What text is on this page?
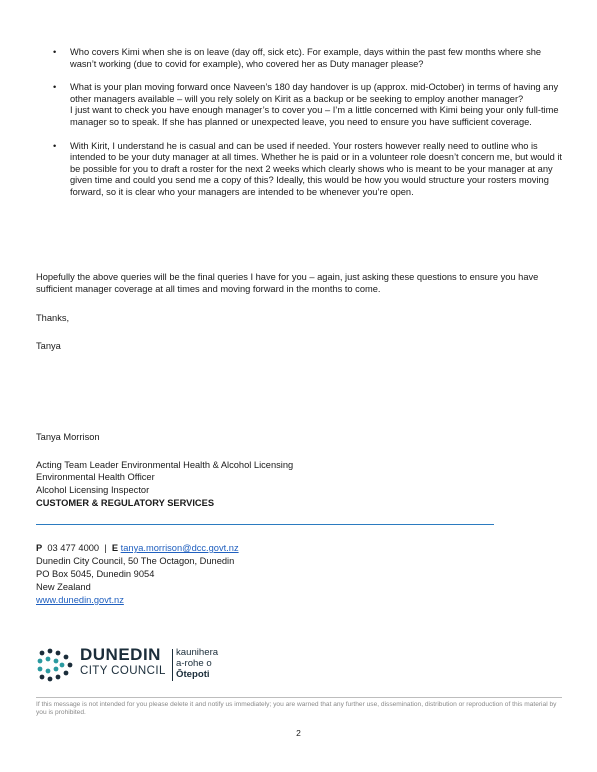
• Who covers Kimi when she is on leave (day off, sick etc). For example, days within the past few months where she wasn’t working (due to covid for example), who covered her as Duty manager please?
• What is your plan moving forward once Naveen’s 180 day handover is up (approx. mid-October) in terms of having any other managers available – will you rely solely on Kirit as a backup or be seeking to employ another manager?
I just want to check you have enough manager’s to cover you – I’m a little concerned with Kimi being your only full-time manager so to speak. If she has planned or unexpected leave, you need to ensure you have sufficient coverage.
• With Kirit, I understand he is casual and can be used if needed. Your rosters however really need to outline who is intended to be your duty manager at all times. Whether he is paid or in a volunteer role doesn’t concern me, but would it be possible for you to draft a roster for the next 2 weeks which clearly shows who is meant to be your manager at any given time and could you send me a copy of this? Ideally, this would be how you would structure your rosters moving forward, so it is clear who your managers are intended to be whenever you’re open.

Hopefully the above queries will be the final queries I have for you – again, just asking these questions to ensure you have sufficient manager coverage at all times and moving forward in the months to come.

Thanks,

Tanya

Tanya Morrison

Acting Team Leader Environmental Health & Alcohol Licensing

Environmental Health Officer

Alcohol Licensing Inspector

CUSTOMER & REGULATORY SERVICES

P 03 477 4000 | E tanya.morrison@dcc.govt.nz

Dunedin City Council, 50 The Octagon, Dunedin

PO Box 5045, Dunedin 9054

New Zealand

www.dunedin.govt.nz

DUNEDIN
CITY COUNCIL
kaunihera
a-rohe o
Ōtepoti

If this message is not intended for you please delete it and notify us immediately; you are warned that any further use, dissemination, distribution or reproduction of this material by you is prohibited.

2
